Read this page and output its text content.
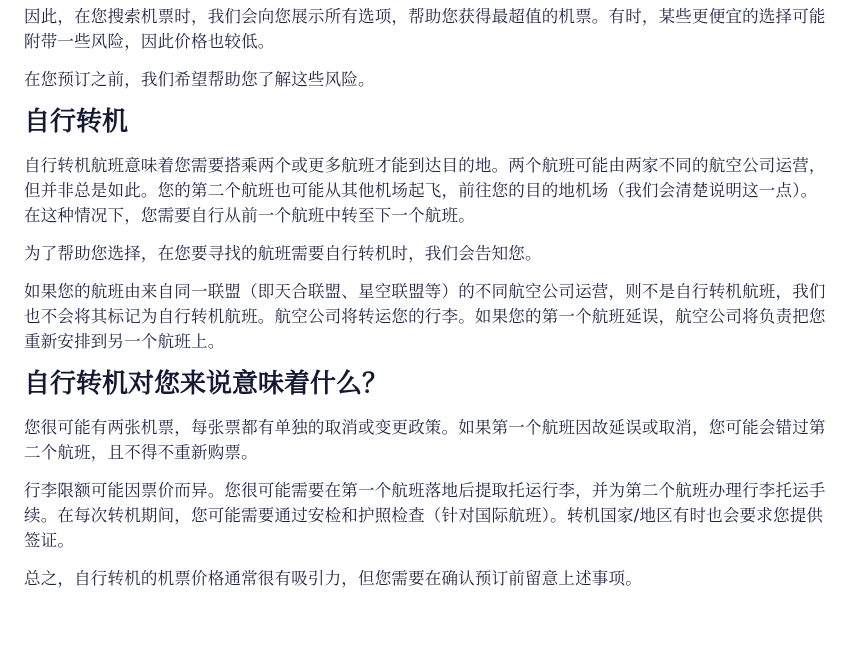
因此，在您搜索机票时，我们会向您展示所有选项，帮助您获得最超值的机票。有时，某些更便宜的选择可能附带一些风险，因此价格也较低。

在您预订之前，我们希望帮助您了解这些风险。

自行转机

自行转机航班意味着您需要搭乘两个或更多航班才能到达目的地。两个航班可能由两家不同的航空公司运营，但并非总是如此。您的第二个航班也可能从其他机场起飞，前往您的目的地机场（我们会清楚说明这一点）。在这种情况下，您需要自行从前一个航班中转至下一个航班。

为了帮助您选择，在您要寻找的航班需要自行转机时，我们会告知您。

如果您的航班由来自同一联盟（即天合联盟、星空联盟等）的不同航空公司运营，则不是自行转机航班，我们也不会将其标记为自行转机航班。航空公司将转运您的行李。如果您的第一个航班延误，航空公司将负责把您重新安排到另一个航班上。

自行转机对您来说意味着什么？

您很可能有两张机票，每张票都有单独的取消或变更政策。如果第一个航班因故延误或取消，您可能会错过第二个航班，且不得不重新购票。

行李限额可能因票价而异。您很可能需要在第一个航班落地后提取托运行李，并为第二个航班办理行李托运手续。在每次转机期间，您可能需要通过安检和护照检查（针对国际航班）。转机国家/地区有时也会要求您提供签证。

总之，自行转机的机票价格通常很有吸引力，但您需要在确认预订前留意上述事项。
